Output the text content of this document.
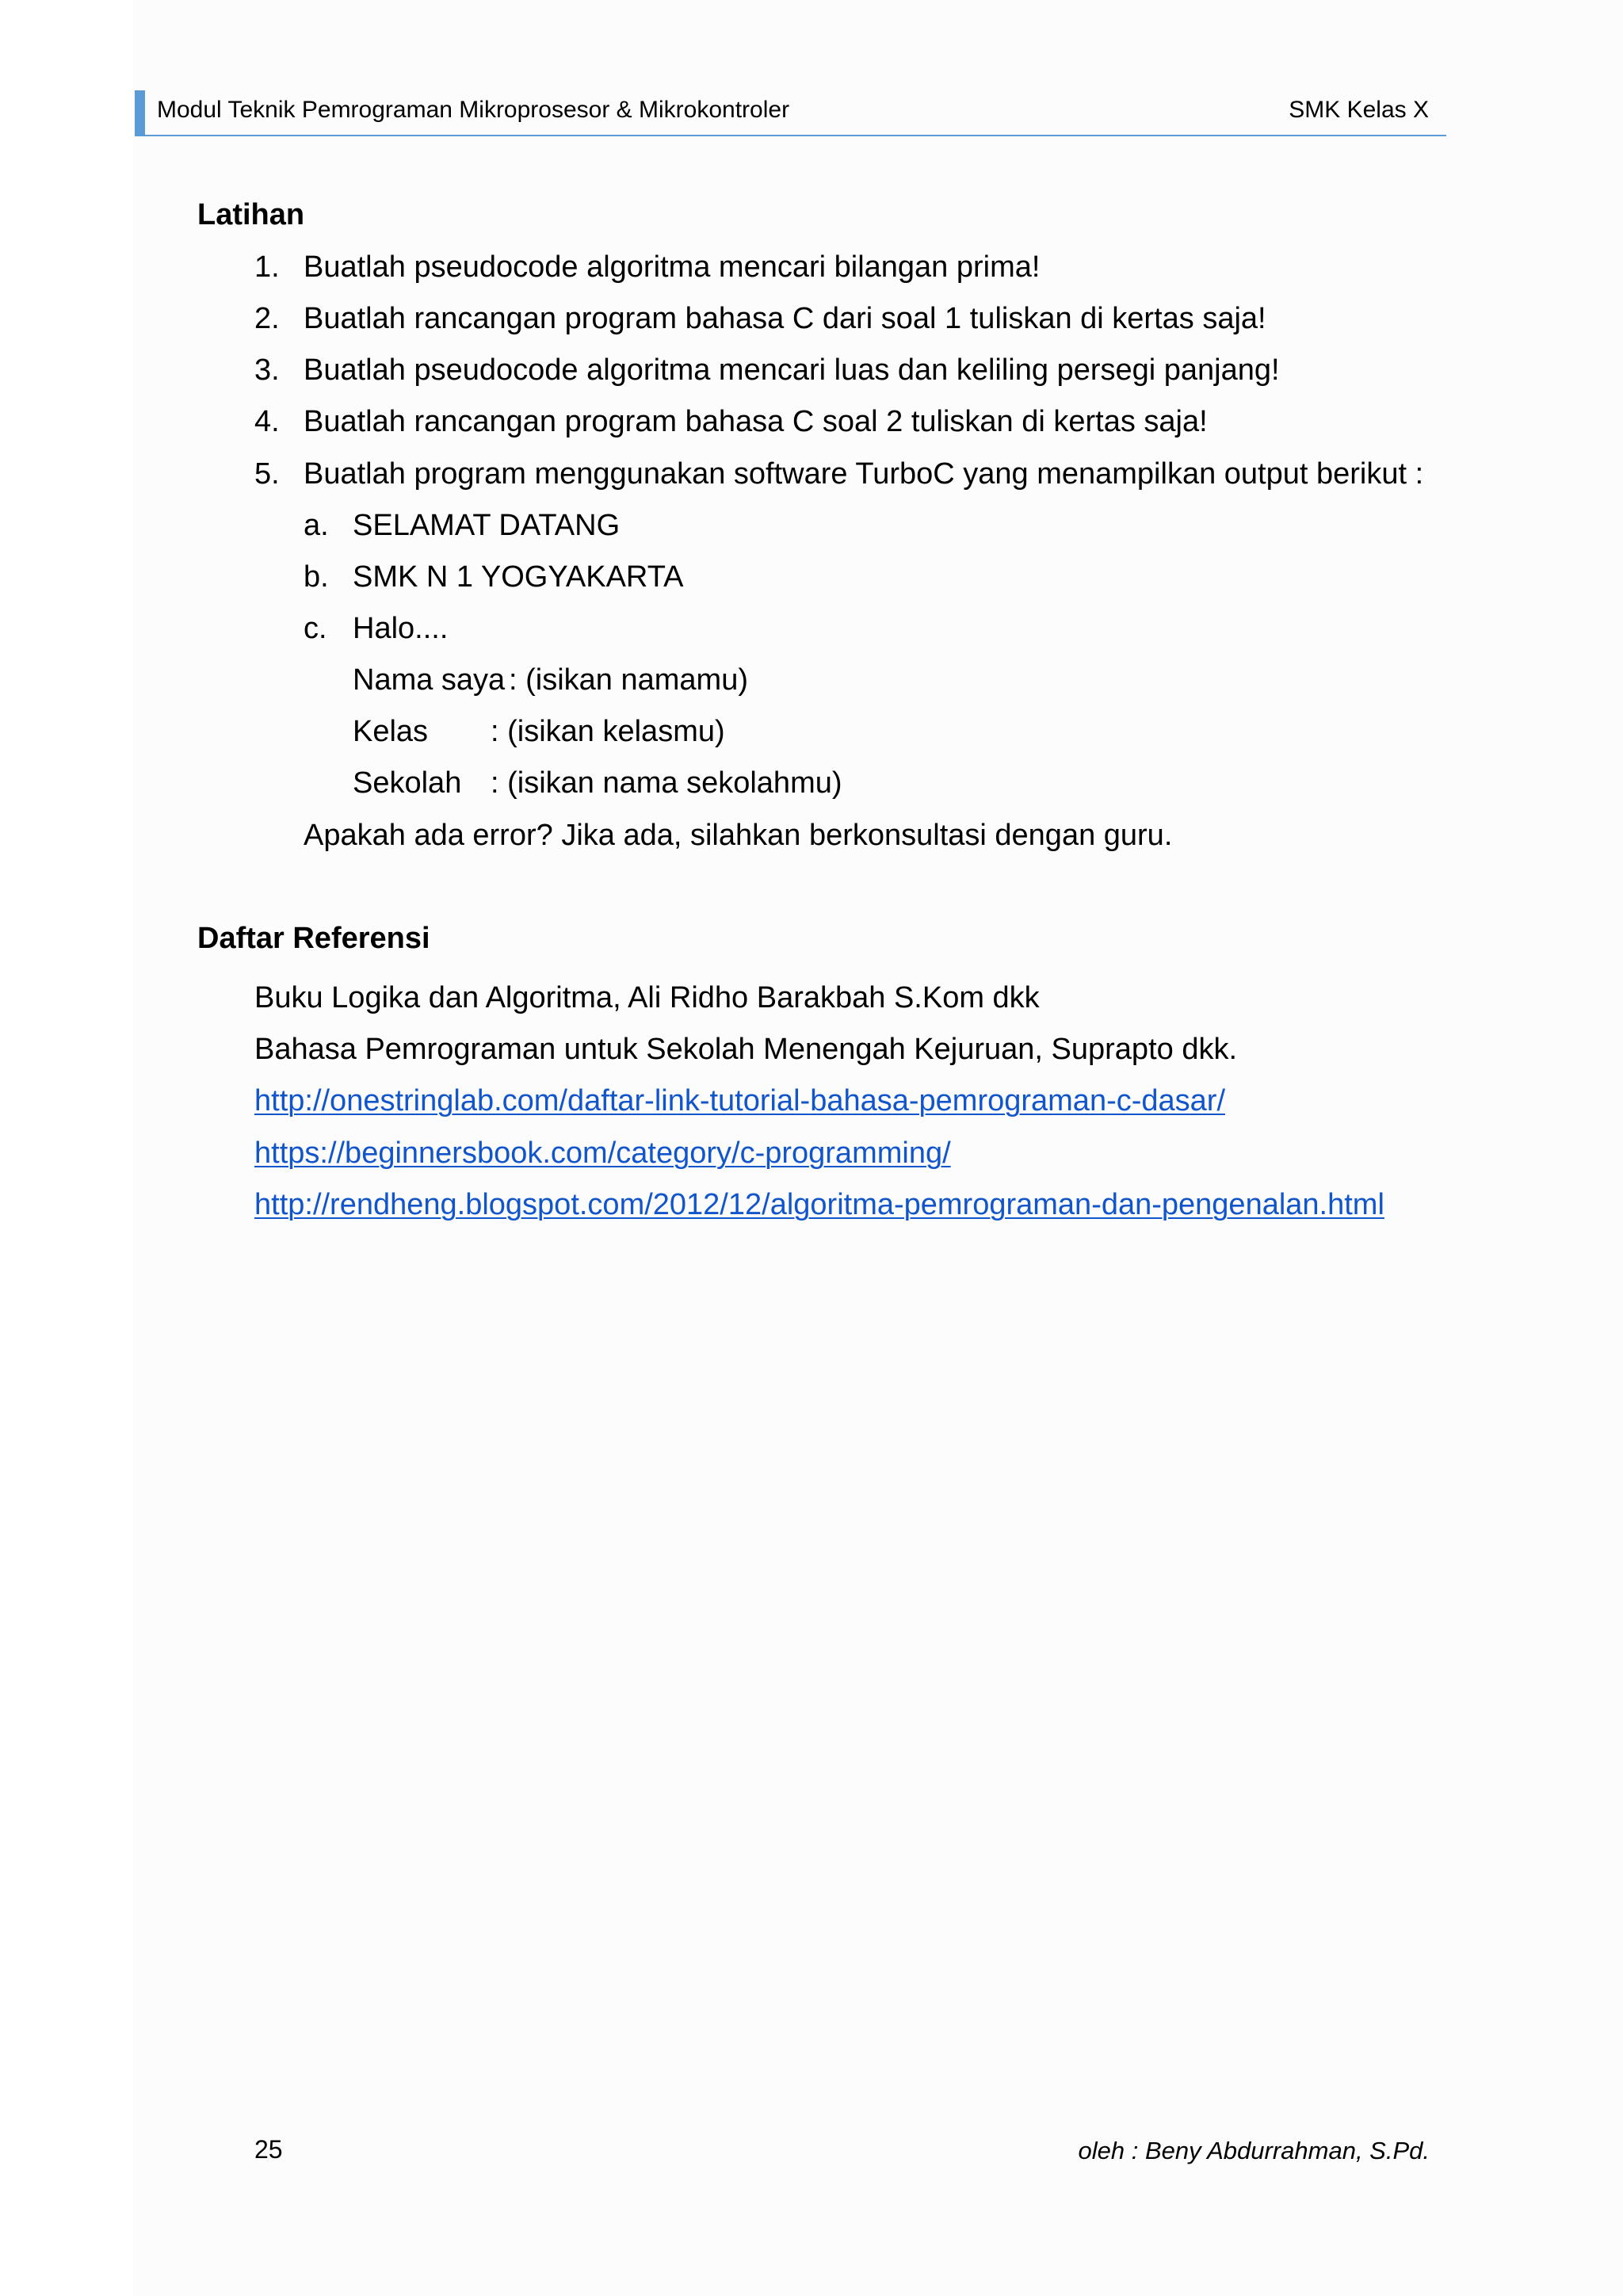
Modul Teknik Pemrograman Mikroprosesor & Mikrokontroler	SMK Kelas X
Latihan
1. Buatlah pseudocode algoritma mencari bilangan prima!
2. Buatlah rancangan program bahasa C dari soal 1 tuliskan di kertas saja!
3. Buatlah pseudocode algoritma mencari luas dan keliling persegi panjang!
4. Buatlah rancangan program bahasa C soal 2 tuliskan di kertas saja!
5. Buatlah program menggunakan software TurboC yang menampilkan output berikut :
a. SELAMAT DATANG
b. SMK N 1 YOGYAKARTA
c. Halo....
Nama saya : (isikan namamu)
Kelas : (isikan kelasmu)
Sekolah : (isikan nama sekolahmu)
Apakah ada error? Jika ada, silahkan berkonsultasi dengan guru.
Daftar Referensi
Buku Logika dan Algoritma, Ali Ridho Barakbah S.Kom dkk
Bahasa Pemrograman untuk Sekolah Menengah Kejuruan, Suprapto dkk.
http://onestringlab.com/daftar-link-tutorial-bahasa-pemrograman-c-dasar/
https://beginnersbook.com/category/c-programming/
http://rendheng.blogspot.com/2012/12/algoritma-pemrograman-dan-pengenalan.html
25	oleh : Beny Abdurrahman, S.Pd.
